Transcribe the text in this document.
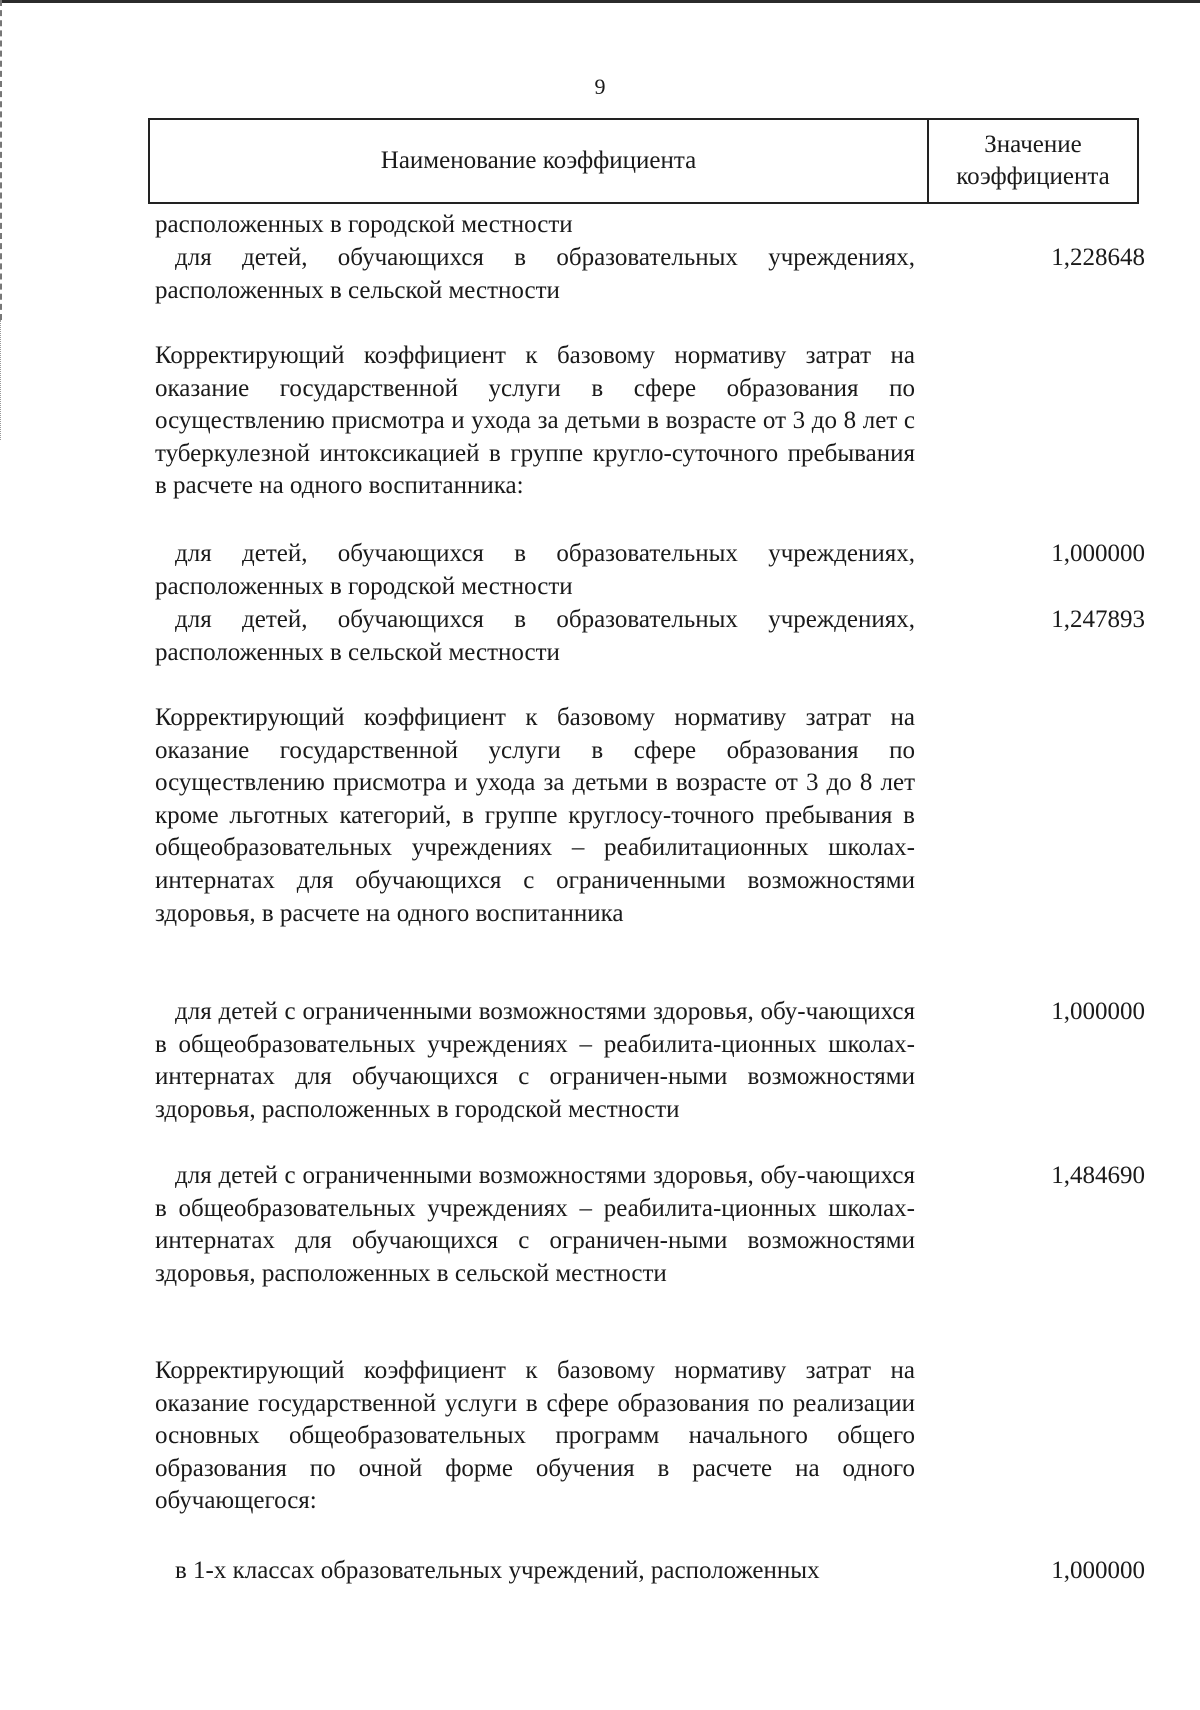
9
Наименование коэффициента
Значение
коэффициента
расположенных в городской местности
для детей, обучающихся в образовательных учреждениях, расположенных в сельской местности
1,228648
Корректирующий коэффициент к базовому нормативу затрат на оказание государственной услуги в сфере образования по осуществлению присмотра и ухода за детьми в возрасте от 3 до 8 лет с туберкулезной интоксикацией в группе кругло-суточного пребывания в расчете на одного воспитанника:
для детей, обучающихся в образовательных учреждениях, расположенных в городской местности
1,000000
для детей, обучающихся в образовательных учреждениях, расположенных в сельской местности
1,247893
Корректирующий коэффициент к базовому нормативу затрат на оказание государственной услуги в сфере образования по осуществлению присмотра и ухода за детьми в возрасте от 3 до 8 лет кроме льготных категорий, в группе круглосу-точного пребывания в общеобразовательных учреждениях – реабилитационных школах-интернатах для обучающихся с ограниченными возможностями здоровья, в расчете на одного воспитанника
для детей с ограниченными возможностями здоровья, обу-чающихся в общеобразовательных учреждениях – реабилита-ционных школах-интернатах для обучающихся с ограничен-ными возможностями здоровья, расположенных в городской местности
1,000000
для детей с ограниченными возможностями здоровья, обу-чающихся в общеобразовательных учреждениях – реабилита-ционных школах-интернатах для обучающихся с ограничен-ными возможностями здоровья, расположенных в сельской местности
1,484690
Корректирующий коэффициент к базовому нормативу затрат на оказание государственной услуги в сфере образования по реализации основных общеобразовательных программ начального общего образования по очной форме обучения в расчете на одного обучающегося:
в 1-х классах образовательных учреждений, расположенных	1,000000
